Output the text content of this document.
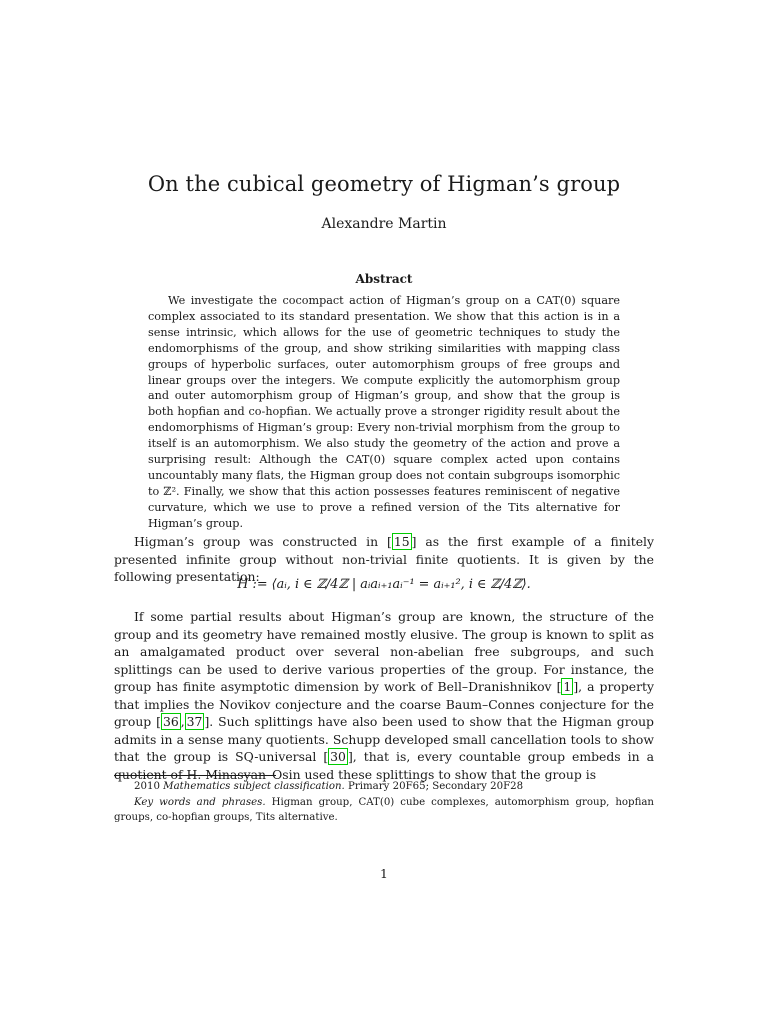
On the cubical geometry of Higman’s group
Alexandre Martin
Abstract
We investigate the cocompact action of Higman’s group on a CAT(0) square complex associated to its standard presentation. We show that this action is in a sense intrinsic, which allows for the use of geometric techniques to study the endomorphisms of the group, and show striking similarities with mapping class groups of hyperbolic surfaces, outer automorphism groups of free groups and linear groups over the integers. We compute explicitly the automorphism group and outer automorphism group of Higman’s group, and show that the group is both hopfian and co-hopfian. We actually prove a stronger rigidity result about the endomorphisms of Higman’s group: Every non-trivial morphism from the group to itself is an automorphism. We also study the geometry of the action and prove a surprising result: Although the CAT(0) square complex acted upon contains uncountably many flats, the Higman group does not contain subgroups isomorphic to ℤ². Finally, we show that this action possesses features reminiscent of negative curvature, which we use to prove a refined version of the Tits alternative for Higman’s group.
Higman’s group was constructed in [ 15 ] as the first example of a finitely presented infinite group without non-trivial finite quotients. It is given by the following presentation:
H := ⟨aᵢ, i ∈ ℤ/4ℤ | aᵢaᵢ₊₁aᵢ⁻¹ = aᵢ₊₁², i ∈ ℤ/4ℤ⟩.
If some partial results about Higman’s group are known, the structure of the group and its geometry have remained mostly elusive. The group is known to split as an amalgamated product over several non-abelian free subgroups, and such splittings can be used to derive various properties of the group. For instance, the group has finite asymptotic dimension by work of Bell–Dranishnikov [ 1 ], a property that implies the Novikov conjecture and the coarse Baum–Connes conjecture for the group [ 36 , 37 ]. Such splittings have also been used to show that the Higman group admits in a sense many quotients. Schupp developed small cancellation tools to show that the group is SQ-universal [ 30 ], that is, every countable group embeds in a quotient of H. Minasyan–Osin used these splittings to show that the group is
2010 Mathematics subject classification. Primary 20F65; Secondary 20F28
Key words and phrases. Higman group, CAT(0) cube complexes, automorphism group, hopfian groups, co-hopfian groups, Tits alternative.
1
